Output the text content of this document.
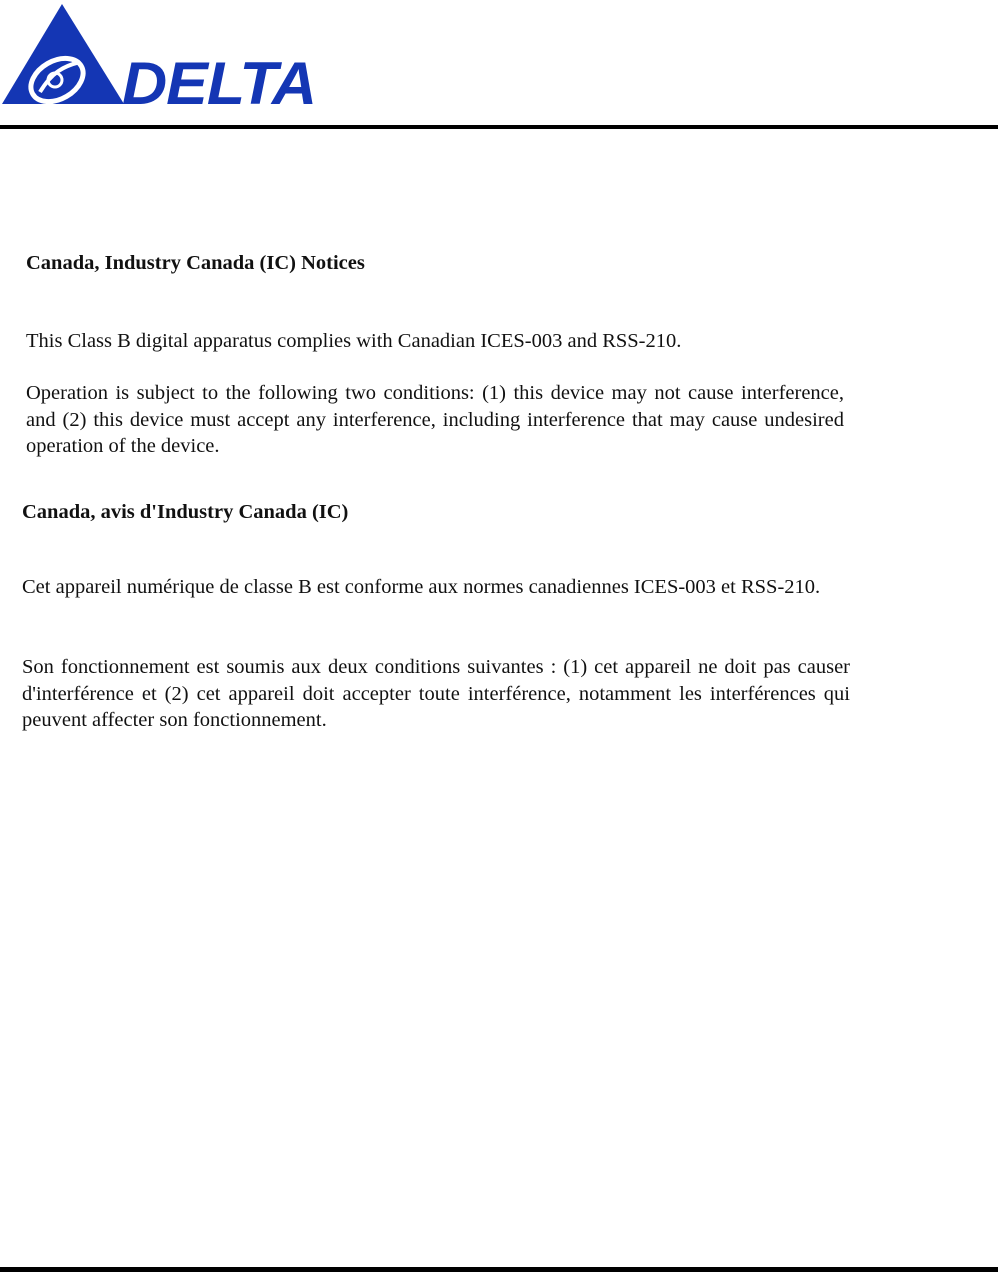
DELTA
Canada, Industry Canada (IC) Notices

This Class B digital apparatus complies with Canadian ICES-003 and RSS-210.

Operation is subject to the following two conditions: (1) this device may not cause interference, and (2) this device must accept any interference, including interference that may cause undesired operation of the device.

Canada, avis d'Industry Canada (IC)

Cet appareil numérique de classe B est conforme aux normes canadiennes ICES-003 et RSS-210.

Son fonctionnement est soumis aux deux conditions suivantes : (1) cet appareil ne doit pas causer d'interférence et (2) cet appareil doit accepter toute interférence, notamment les interférences qui peuvent affecter son fonctionnement.
